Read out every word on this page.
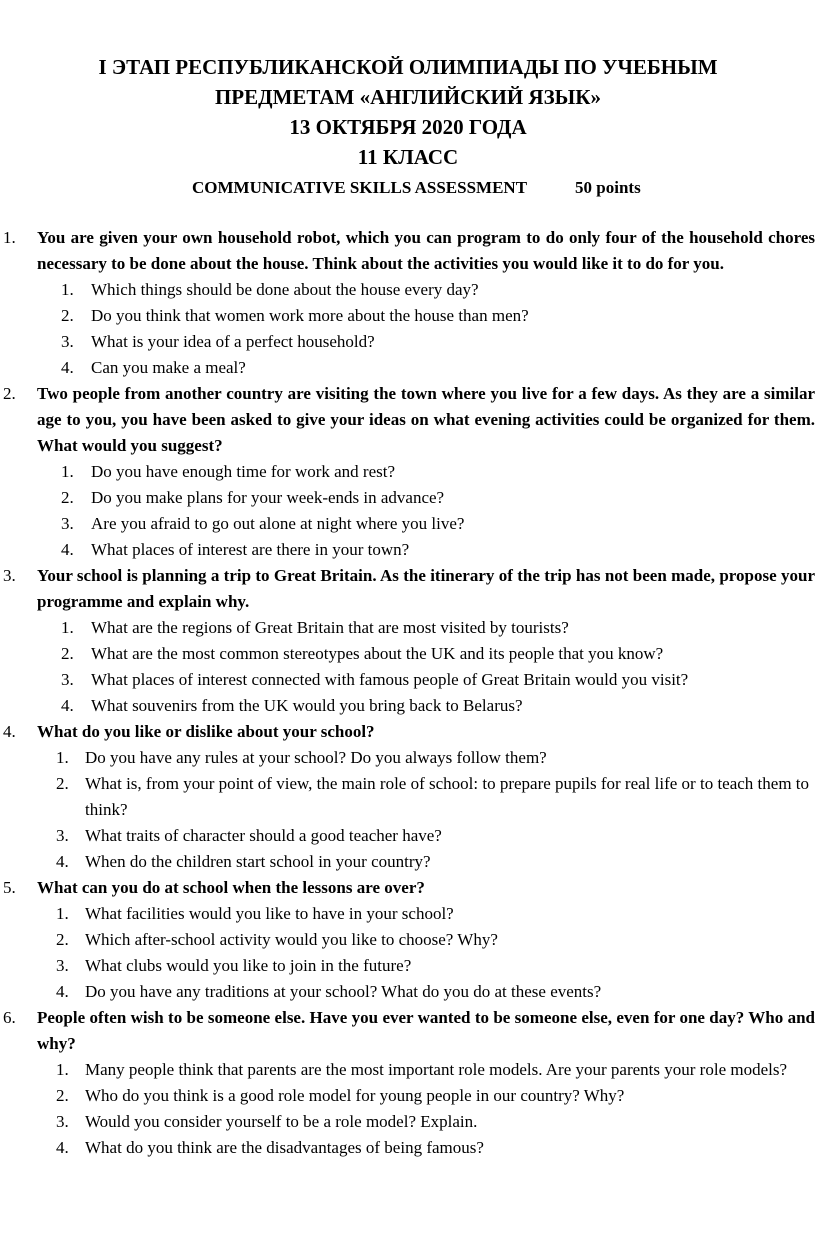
I ЭТАП РЕСПУБЛИКАНСКОЙ ОЛИМПИАДЫ ПО УЧЕБНЫМ

ПРЕДМЕТАМ «АНГЛИЙСКИЙ ЯЗЫК»

13 ОКТЯБРЯ 2020 ГОДА

11 КЛАСС

COMMUNICATIVE SKILLS ASSESSMENT	50 points
1. You are given your own household robot, which you can program to do only four of the household chores necessary to be done about the house. Think about the activities you would like it to do for you.
1. Which things should be done about the house every day?
2. Do you think that women work more about the house than men?
3. What is your idea of a perfect household?
4. Can you make a meal?
2. Two people from another country are visiting the town where you live for a few days. As they are a similar age to you, you have been asked to give your ideas on what evening activities could be organized for them. What would you suggest?
1. Do you have enough time for work and rest?
2. Do you make plans for your week-ends in advance?
3. Are you afraid to go out alone at night where you live?
4. What places of interest are there in your town?
3. Your school is planning a trip to Great Britain. As the itinerary of the trip has not been made, propose your programme and explain why.
1. What are the regions of Great Britain that are most visited by tourists?
2. What are the most common stereotypes about the UK and its people that you know?
3. What places of interest connected with famous people of Great Britain would you visit?
4. What souvenirs from the UK would you bring back to Belarus?
4. What do you like or dislike about your school?
1. Do you have any rules at your school? Do you always follow them?
2. What is, from your point of view, the main role of school: to prepare pupils for real life or to teach them to think?
3. What traits of character should a good teacher have?
4. When do the children start school in your country?
5. What can you do at school when the lessons are over?
1. What facilities would you like to have in your school?
2. Which after-school activity would you like to choose? Why?
3. What clubs would you like to join in the future?
4. Do you have any traditions at your school? What do you do at these events?
6. People often wish to be someone else. Have you ever wanted to be someone else, even for one day? Who and why?
1. Many people think that parents are the most important role models. Are your parents your role models?
2. Who do you think is a good role model for young people in our country? Why?
3. Would you consider yourself to be a role model? Explain.
4. What do you think are the disadvantages of being famous?
